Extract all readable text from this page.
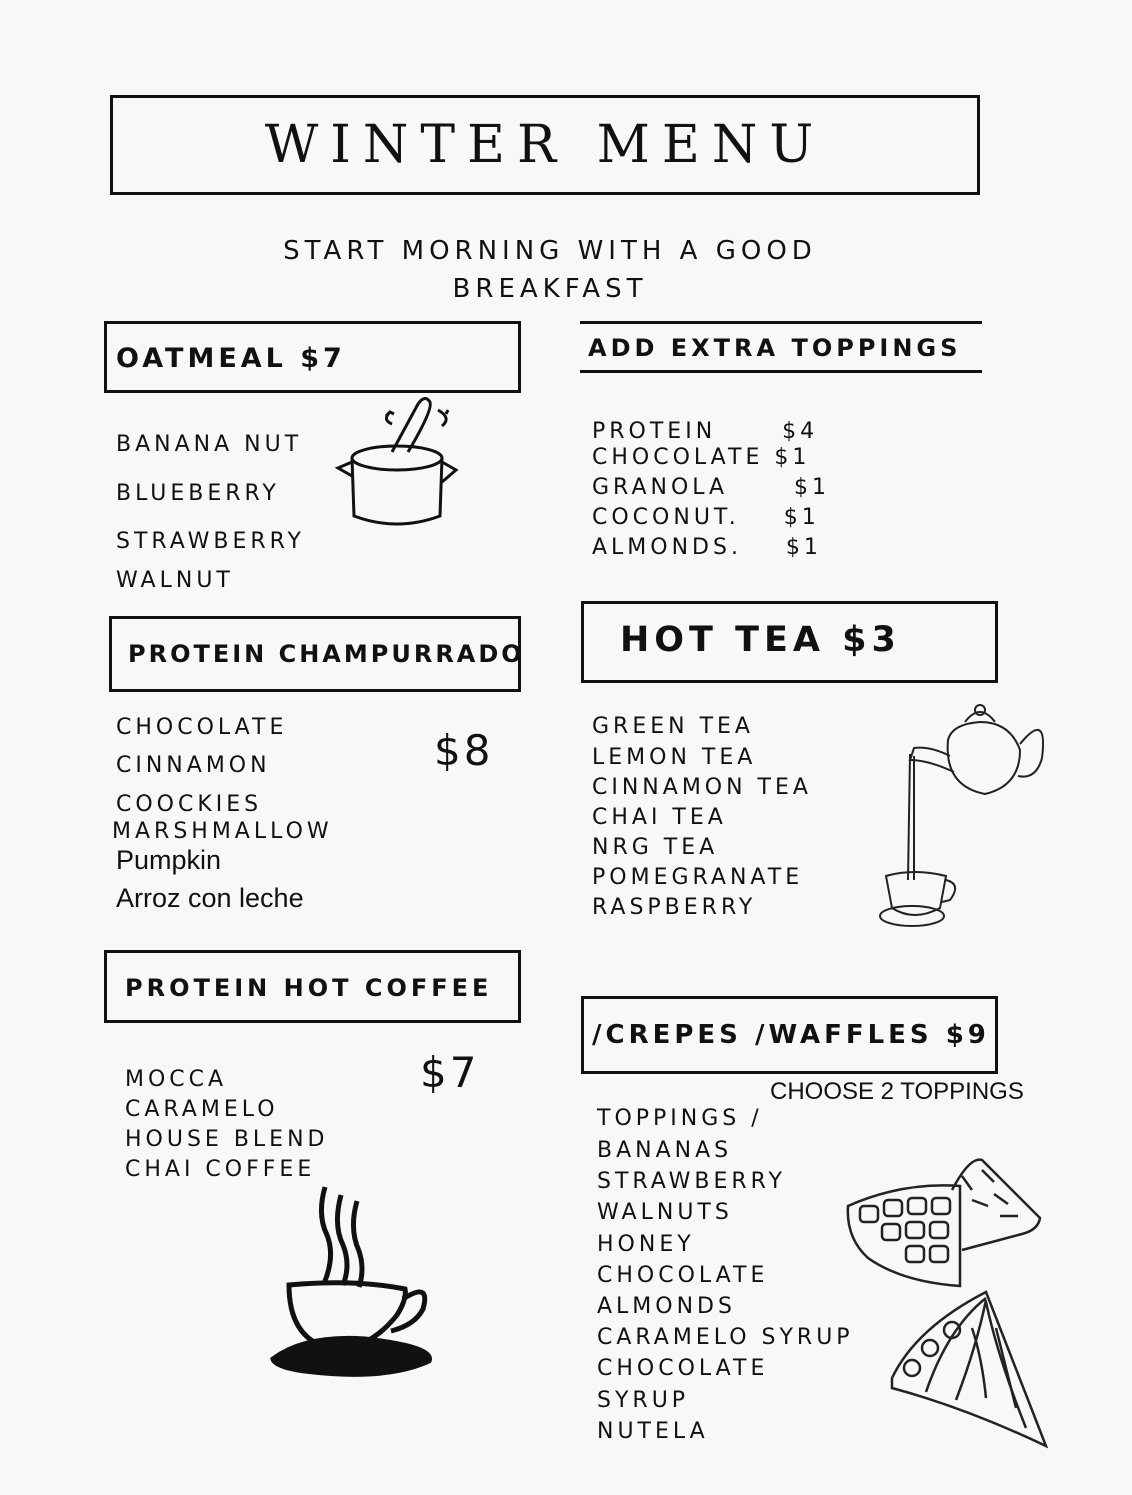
WINTER MENU
START MORNING WITH A GOOD
BREAKFAST
OATMEAL $7
BANANA NUT
BLUEBERRY
STRAWBERRY
WALNUT
ADD EXTRA TOPPINGS
PROTEIN      $4
CHOCOLATE $1
GRANOLA      $1
COCONUT.    $1
ALMONDS.    $1
PROTEIN CHAMPURRADO
$8
CHOCOLATE
CINNAMON
COOCKIES
MARSHMALLOW
Pumpkin
Arroz con leche
HOT TEA $3
GREEN TEA
LEMON TEA
CINNAMON TEA
CHAI TEA
NRG TEA
POMEGRANATE
RASPBERRY
PROTEIN HOT COFFEE
$7
MOCCA
CARAMELO
HOUSE BLEND
CHAI COFFEE
/CREPES /WAFFLES $9
CHOOSE 2 TOPPINGS
TOPPINGS /
BANANAS
STRAWBERRY
WALNUTS
HONEY
CHOCOLATE
ALMONDS
CARAMELO SYRUP
CHOCOLATE
SYRUP
NUTELA
